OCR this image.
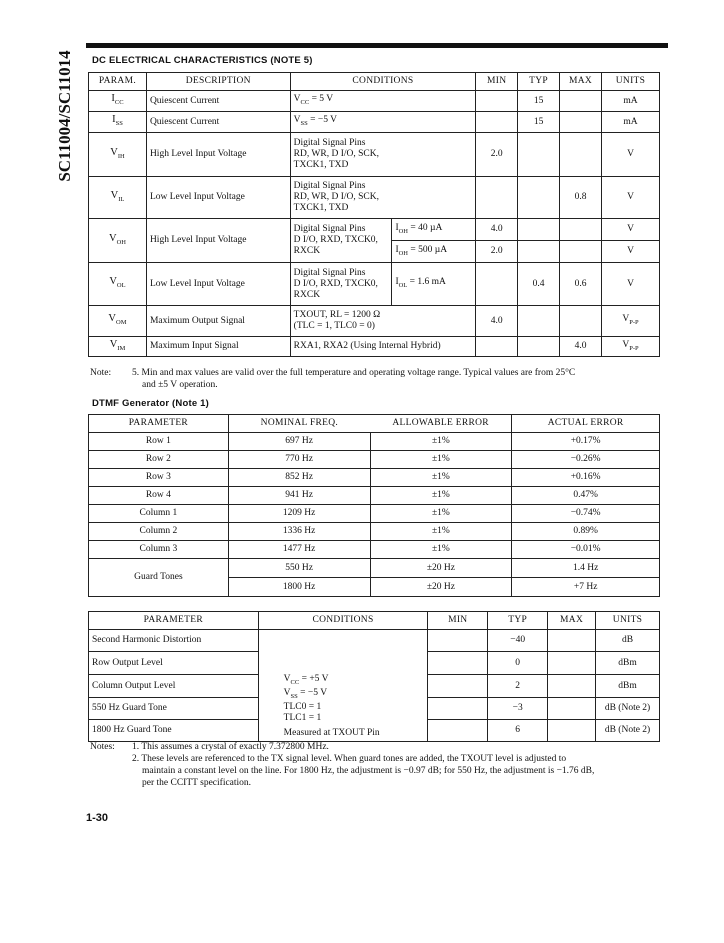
SC11004/SC11014 DC ELECTRICAL CHARACTERISTICS (NOTE 5)
PARAM.	DESCRIPTION	CONDITIONS		MIN	TYP	MAX	UNITS
$I_{CC}$	Quiescent Current	$V_{CC} = 5$ V			15		mA
$I_{SS}$	Quiescent Current	$V_{SS} = -5$ V			15		mA
$V_{IH}$	High Level Input Voltage	Digital Signal Pins
RD, WR, D I/O, SCK,
TXCK1, TXD		2.0			V
$V_{IL}$	Low Level Input Voltage	Digital Signal Pins
RD, WR, D I/O, SCK,
TXCK1, TXD				0.8	V
$V_{OH}$	High Level Input Voltage	Digital Signal Pins
D I/O, RXD, TXCK0,
RXCK	$I_{OH} = 40$ µA	4.0			V
			$I_{OH} = 500$ µA	2.0			V
$V_{OL}$	Low Level Input Voltage	Digital Signal Pins
D I/O, RXD, TXCK0,
RXCK	$I_{OL} = 1.6$ mA		0.4	0.6	V
$V_{OM}$	Maximum Output Signal	TXOUT, RL = 1200 Ω
(TLC = 1, TLC0 = 0)		4.0			$V_{P-P}$
$V_{IM}$	Maximum Input Signal	RXA1, RXA2 (Using Internal Hybrid)				4.0	$V_{P-P}$
Note: 5. Min and max values are valid over the full temperature and operating voltage range. Typical values are from 25°C
and ±5 V operation.
DTMF Generator (Note 1)
PARAMETER	NOMINAL FREQ.	ALLOWABLE ERROR	ACTUAL ERROR
Row 1	697 Hz	±1%	+0.17%
Row 2	770 Hz	±1%	−0.26%
Row 3	852 Hz	±1%	+0.16%
Row 4	941 Hz	±1%	0.47%
Column 1	1209 Hz	±1%	−0.74%
Column 2	1336 Hz	±1%	0.89%
Column 3	1477 Hz	±1%	−0.01%
Guard Tones	550 Hz	±20 Hz	1.4 Hz
	1800 Hz	±20 Hz	+7 Hz
PARAMETER	CONDITIONS	MIN	TYP	MAX	UNITS
Second Harmonic Distortion	$V_{CC} = +5$ V
$V_{SS} = -5$ V
TLC0 = 1
TLC1 = 1
Measured at TXOUT Pin		−40		dB
Row Output Level			0		dBm
Column Output Level			2		dBm
550 Hz Guard Tone			−3		dB (Note 2)
1800 Hz Guard Tone			6		dB (Note 2)
Notes: 1. This assumes a crystal of exactly 7.372800 MHz.
2. These levels are referenced to the TX signal level. When guard tones are added, the TXOUT level is adjusted to
maintain a constant level on the line. For 1800 Hz, the adjustment is −0.97 dB; for 550 Hz, the adjustment is −1.76 dB,
per the CCITT specification.
1-30
